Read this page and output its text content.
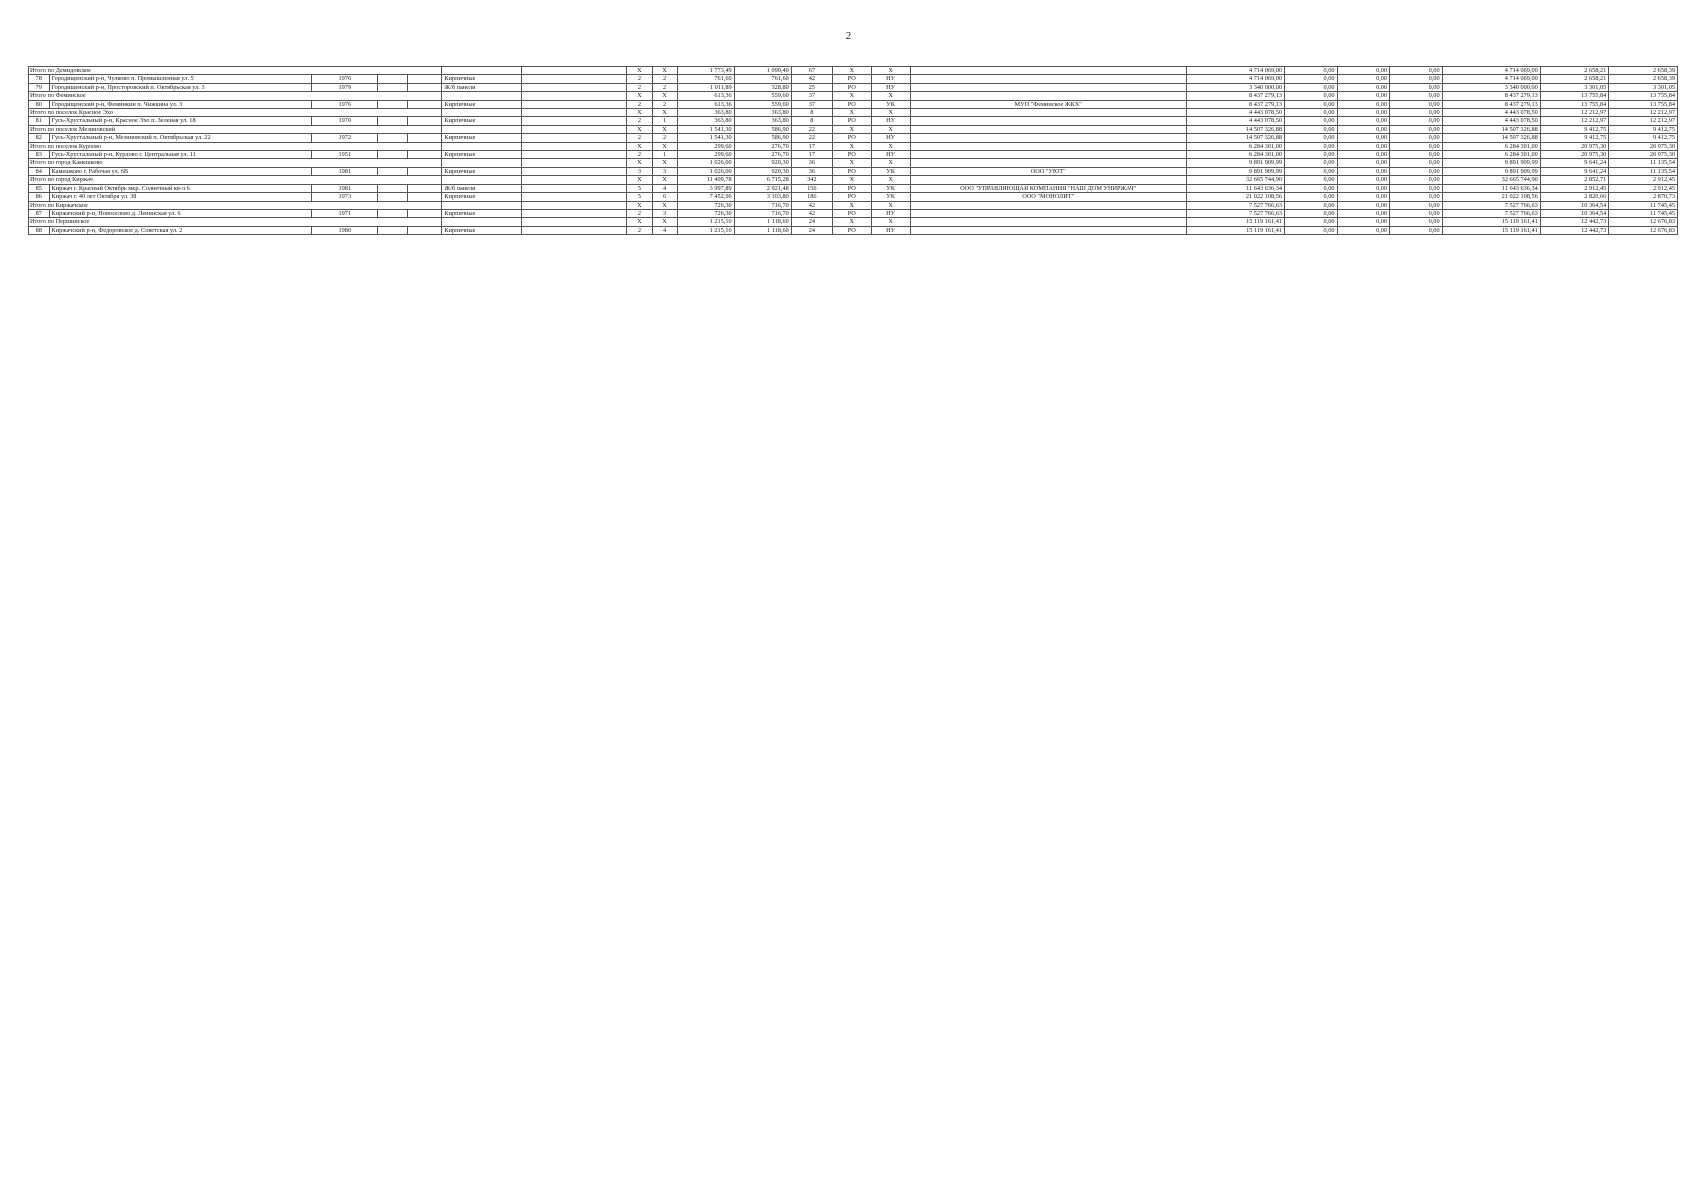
2
Итого по Демидовское							X	X	1 773,49	1 090,40	67	X	X		4 714 069,00	0,00	0,00	0,00	4 714 069,00	2 658,21	2 658,39
78	Городищенский р-н, Чулково п. Промышленная ул. 5	1976			Кирпичные		2	2	761,60	761,60	42	РО	НУ		4 714 069,00	0,00	0,00	0,00	4 714 069,00	2 658,21	2 658,39
79	Городищенский р-н, Просторовский п. Октябрьская ул. 3	1979			Ж/б панели		2	2	1 011,89	328,80	25	РО	НУ		3 340 000,00	0,00	0,00	0,00	3 340 000,00	3 301,05	3 301,05
Итого по Феминское							X	X	613,36	559,60	37	X	X		8 437 279,13	0,00	0,00	0,00	8 437 279,13	13 755,84	13 755,84
80	Городищенский р-н, Феминкин п. Чижкина ул. 3	1976			Кирпичные		2	2	613,36	559,60	37	РО	УК	МУП "Феминское ЖКХ"	8 437 279,13	0,00	0,00	0,00	8 437 279,13	13 755,84	13 755,84
Итого по поселок Красное Эхо							X	X	363,80	363,80	8	X	X		4 443 078,50	0,00	0,00	0,00	4 443 078,50	12 212,97	12 212,97
81	Гусь-Хрустальный р-н, Красное Эхо п. Зеленая ул. 18	1970			Кирпичные		2	1	363,80	363,80	8	РО	НУ		4 443 078,50	0,00	0,00	0,00	4 443 078,50	12 212,97	12 212,97
Итого по поселок Мезиновский							X	X	1 541,30	586,90	22	X	X		14 507 326,88	0,00	0,00	0,00	14 507 326,88	9 412,75	9 412,75
82	Гусь-Хрустальный р-н, Мезиновский п. Октябрьская ул. 22	1972			Кирпичные		2	2	1 541,30	586,90	22	РО	НУ		14 507 326,88	0,00	0,00	0,00	14 507 326,88	9 412,75	9 412,75
Итого по поселок Курлово							X	X	299,60	276,70	17	X	X		6 284 301,00	0,00	0,00	0,00	6 284 301,00	20 975,30	20 975,30
83	Гусь-Хрустальный р-н, Курлово г. Центральная ул. 11	1951			Кирпичные		2	1	299,60	276,70	17	РО	НУ		6 284 301,00	0,00	0,00	0,00	6 284 301,00	20 975,30	20 975,30
Итого по город Камешково							X	X	1 026,00	920,30	36	X	X		9 891 909,99	0,00	0,00	0,00	9 891 909,99	9 641,24	11 135,54
84	Камешково г. Рабочая ул. 6В	1981			Кирпичные		3	3	1 026,00	920,30	36	РО	УК	ООО "УЮТ"	9 891 909,99	0,00	0,00	0,00	9 891 909,99	9 641,24	11 135,54
Итого по город Киржач							X	X	11 499,78	6 715,28	342	X	X		32 665 744,90	0,00	0,00	0,00	32 665 744,90	2 852,71	2 912,45
85	Киржач г. Красный Октябрь мкр. Солнечный кв-л 6	1981			Ж/б панели		5	4	3 997,89	2 921,48	156	РО	УК	ООО "УПРАВЛЯЮЩАЯ КОМПАНИЯ "НАШ ДОМ УНИРЖАЧ"	11 643 636,34	0,00	0,00	0,00	11 643 636,34	2 912,45	2 912,45
86	Киржач г. 40 лет Октября ул. 38	1973			Кирпичные		5	6	7 452,90	3 103,80	186	РО	УК	ООО "МОНОЛИТ"	21 022 108,56	0,00	0,00	0,00	21 022 108,56	2 820,66	2 870,73
Итого по Киржачское							X	X	726,30	716,70	42	X	X		7 527 766,63	0,00	0,00	0,00	7 527 766,63	10 364,54	11 745,45
87	Киржачский р-н, Новоселово д. Ленинская ул. 6	1971			Кирпичные		2	3	726,30	716,70	42	РО	НУ		7 527 766,63	0,00	0,00	0,00	7 527 766,63	10 364,54	11 745,45
Итого по Першинское							X	X	1 215,10	1 118,60	24	X	X		15 119 161,41	0,00	0,00	0,00	15 119 161,41	12 442,73	12 676,83
88	Киржачский р-н, Федоровское д. Советская ул. 2	1980			Кирпичные		2	4	1 215,10	1 118,60	24	РО	НУ		15 119 161,41	0,00	0,00	0,00	15 119 161,41	12 442,73	12 676,83
